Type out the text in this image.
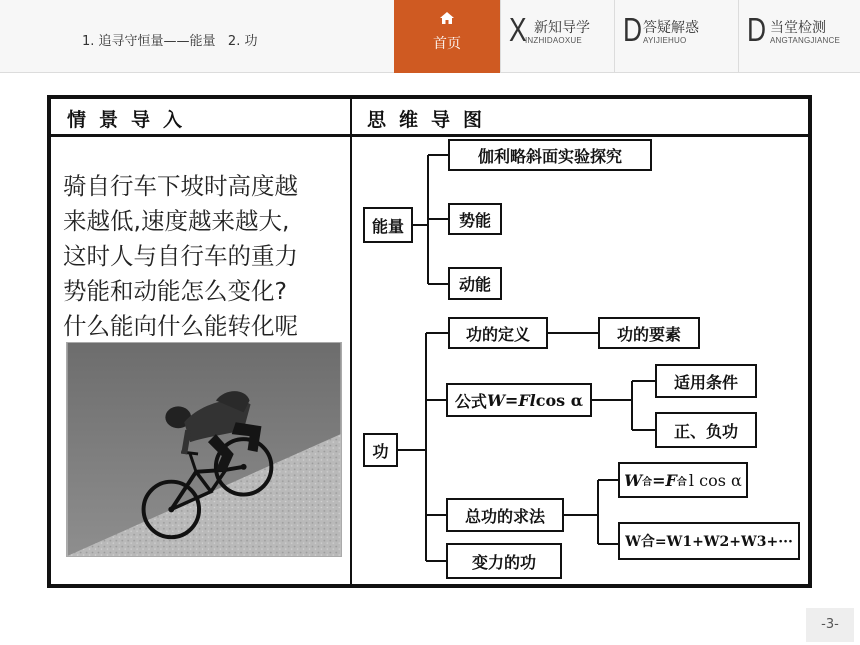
1. 追寻守恒量——能量   2. 功	首页	X 新知导学
INZHIDAOXUE D 答疑解惑
AYIJIEHUO D 当堂检测
ANGTANGJIANCE
情景导入	思维导图
骑自行车下坡时高度越
来越低,速度越来越大,
这时人与自行车的重力
势能和动能怎么变化?
什么能向什么能转化呢
能量
伽利略斜面实验探究
势能
动能
功
功的定义	功的要素
公式 W = Fl cos α
适用条件
正、负功
总功的求法
W 合 = F 合 l cos α
W合=W1+W2+W3+···
变力的功
-3-
